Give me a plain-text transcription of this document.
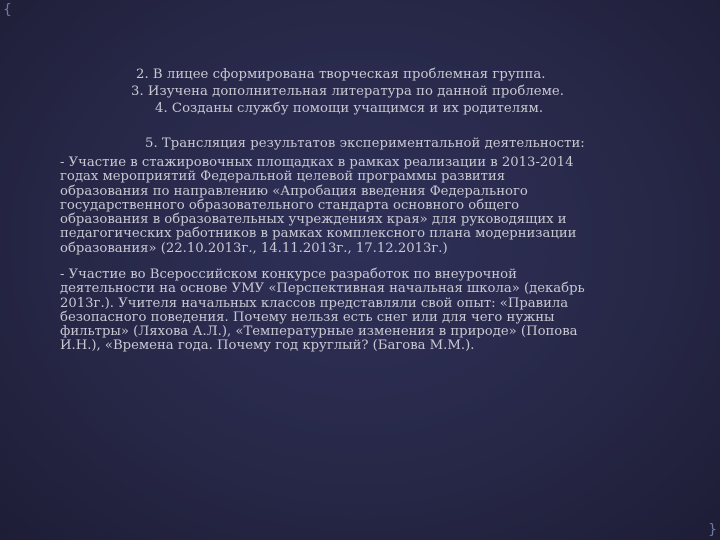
{
}
2. В лицее сформирована творческая проблемная группа.
3. Изучена дополнительная литература по данной проблеме.
4. Созданы службу помощи учащимся и их родителям.
5. Трансляция результатов экспериментальной деятельности:
- Участие в стажировочных площадках в рамках реализации в 2013-2014
годах мероприятий Федеральной целевой программы развития
образования по направлению «Апробация введения Федерального
государственного образовательного стандарта основного общего
образования в образовательных учреждениях края» для руководящих и
педагогических работников в рамках комплексного плана модернизации
образования» (22.10.2013г., 14.11.2013г., 17.12.2013г.)
- Участие во Всероссийском конкурсе разработок по внеурочной
деятельности на основе УМУ «Перспективная начальная школа» (декабрь
2013г.). Учителя начальных классов представляли свой опыт: «Правила
безопасного поведения. Почему нельзя есть снег или для чего нужны
фильтры» (Ляхова А.Л.), «Температурные изменения в природе» (Попова
И.Н.), «Времена года. Почему год круглый? (Багова М.М.).
